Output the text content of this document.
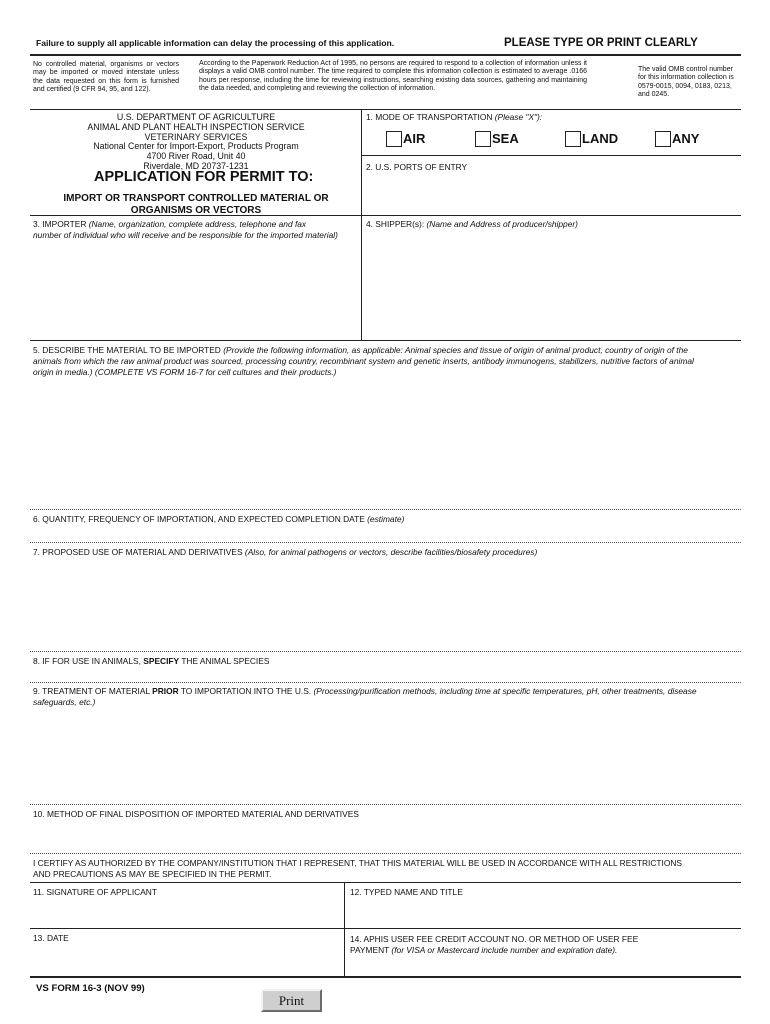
Failure to supply all applicable information can delay the processing of this application.	PLEASE TYPE OR PRINT CLEARLY
No controlled material, organisms or vectors may be imported or moved interstate unless the data requested on this form is furnished and certified (9 CFR 94, 95, and 122).
According to the Paperwork Reduction Act of 1995, no persons are required to respond to a collection of information unless it displays a valid OMB control number. The time required to complete this information collection is estimated to average .0166 hours per response, including the time for reviewing instructions, searching existing data sources, gathering and maintaining the data needed, and completing and reviewing the collection of information.
The valid OMB control number for this information collection is 0579-0015, 0094, 0183, 0213, and 0245.
U.S. DEPARTMENT OF AGRICULTURE
ANIMAL AND PLANT HEALTH INSPECTION SERVICE
VETERINARY SERVICES
National Center for Import-Export, Products Program
4700 River Road, Unit 40
Riverdale, MD 20737-1231
APPLICATION FOR PERMIT TO:
IMPORT OR TRANSPORT CONTROLLED MATERIAL OR
ORGANISMS OR VECTORS
1. MODE OF TRANSPORTATION (Please "X"):
AIR	SEA	LAND	ANY
2. U.S. PORTS OF ENTRY
3. IMPORTER (Name, organization, complete address, telephone and fax
number of individual who will receive and be responsible for the imported material)
4. SHIPPER(s): (Name and Address of producer/shipper)
5. DESCRIBE THE MATERIAL TO BE IMPORTED (Provide the following information, as applicable: Animal species and tissue of origin of animal product, country of origin of the
animals from which the raw animal product was sourced, processing country, recombinant system and genetic inserts, antibody immunogens, stabilizers, nutritive factors of animal
origin in media.) (COMPLETE VS FORM 16-7 for cell cultures and their products.)
6. QUANTITY, FREQUENCY OF IMPORTATION, AND EXPECTED COMPLETION DATE (estimate)
7. PROPOSED USE OF MATERIAL AND DERIVATIVES (Also, for animal pathogens or vectors, describe facilities/biosafety procedures)
8. IF FOR USE IN ANIMALS, SPECIFY THE ANIMAL SPECIES
9. TREATMENT OF MATERIAL PRIOR TO IMPORTATION INTO THE U.S. (Processing/purification methods, including time at specific temperatures, pH, other treatments, disease
safeguards, etc.)
10. METHOD OF FINAL DISPOSITION OF IMPORTED MATERIAL AND DERIVATIVES
I CERTIFY AS AUTHORIZED BY THE COMPANY/INSTITUTION THAT I REPRESENT, THAT THIS MATERIAL WILL BE USED IN ACCORDANCE WITH ALL RESTRICTIONS
AND PRECAUTIONS AS MAY BE SPECIFIED IN THE PERMIT.
11. SIGNATURE OF APPLICANT	12. TYPED NAME AND TITLE
13. DATE	14. APHIS USER FEE CREDIT ACCOUNT NO. OR METHOD OF USER FEE
PAYMENT (for VISA or Mastercard include number and expiration date).
VS FORM 16-3 (NOV 99)
Print
